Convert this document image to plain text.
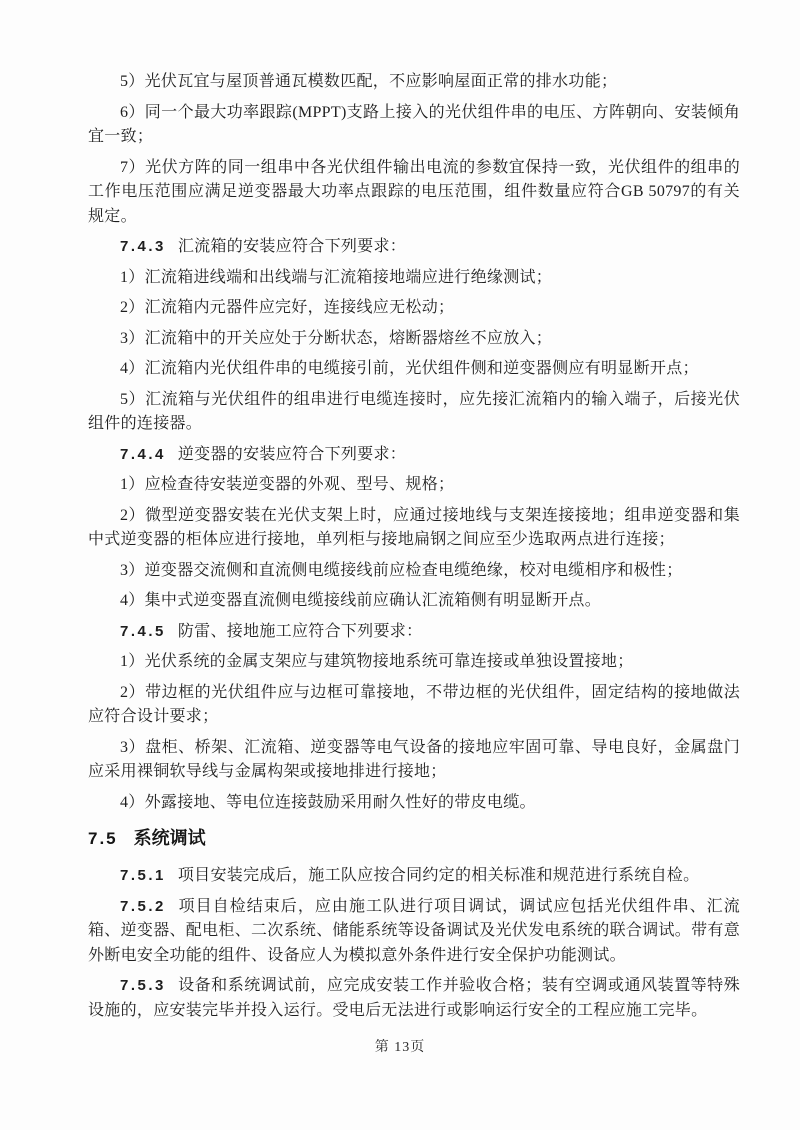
5）光伏瓦宜与屋顶普通瓦模数匹配，不应影响屋面正常的排水功能；

6）同一个最大功率跟踪(MPPT)支路上接入的光伏组件串的电压、方阵朝向、安装倾角宜一致；

7）光伏方阵的同一组串中各光伏组件输出电流的参数宜保持一致，光伏组件的组串的工作电压范围应满足逆变器最大功率点跟踪的电压范围，组件数量应符合GB 50797的有关规定。

7.4.3 汇流箱的安装应符合下列要求：

1）汇流箱进线端和出线端与汇流箱接地端应进行绝缘测试；

2）汇流箱内元器件应完好，连接线应无松动；

3）汇流箱中的开关应处于分断状态，熔断器熔丝不应放入；

4）汇流箱内光伏组件串的电缆接引前，光伏组件侧和逆变器侧应有明显断开点；

5）汇流箱与光伏组件的组串进行电缆连接时，应先接汇流箱内的输入端子，后接光伏组件的连接器。

7.4.4 逆变器的安装应符合下列要求：

1）应检查待安装逆变器的外观、型号、规格；

2）微型逆变器安装在光伏支架上时，应通过接地线与支架连接接地；组串逆变器和集中式逆变器的柜体应进行接地，单列柜与接地扁钢之间应至少选取两点进行连接；

3）逆变器交流侧和直流侧电缆接线前应检查电缆绝缘，校对电缆相序和极性；

4）集中式逆变器直流侧电缆接线前应确认汇流箱侧有明显断开点。

7.4.5 防雷、接地施工应符合下列要求：

1）光伏系统的金属支架应与建筑物接地系统可靠连接或单独设置接地；

2）带边框的光伏组件应与边框可靠接地，不带边框的光伏组件，固定结构的接地做法应符合设计要求；

3）盘柜、桥架、汇流箱、逆变器等电气设备的接地应牢固可靠、导电良好，金属盘门应采用裸铜软导线与金属构架或接地排进行接地；

4）外露接地、等电位连接鼓励采用耐久性好的带皮电缆。

7.5 系统调试

7.5.1 项目安装完成后，施工队应按合同约定的相关标准和规范进行系统自检。

7.5.2 项目自检结束后，应由施工队进行项目调试，调试应包括光伏组件串、汇流箱、逆变器、配电柜、二次系统、储能系统等设备调试及光伏发电系统的联合调试。带有意外断电安全功能的组件、设备应人为模拟意外条件进行安全保护功能测试。

7.5.3 设备和系统调试前，应完成安装工作并验收合格；装有空调或通风装置等特殊设施的，应安装完毕并投入运行。受电后无法进行或影响运行安全的工程应施工完毕。

第 13页
